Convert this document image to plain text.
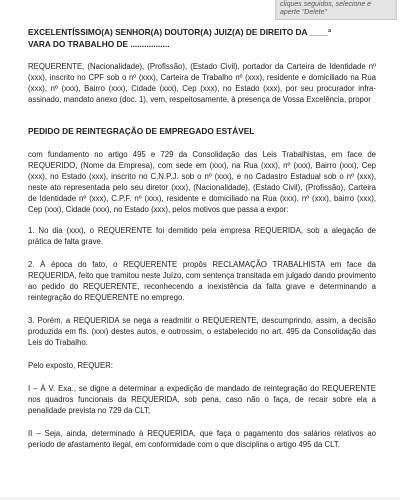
cliques seguidos, selecione e aperte "Delete"
EXCELENTÍSSIMO(A) SENHOR(A) DOUTOR(A) JUIZ(A) DE DIREITO DA ____ª
VARA DO TRABALHO DE .................

REQUERENTE, (Nacionalidade), (Profissão), (Estado Civil), portador da Carteira de Identidade nº (xxx), inscrito no CPF sob o nº (xxx), Carteira de Trabalho nº (xxx), residente e domiciliado na Rua (xxx), nº (xxx), Bairro (xxx), Cidade (xxx), Cep (xxx), no Estado (xxx), por seu procurador infra-assinado, mandato anexo (doc. 1), vem, respeitosamente, à presença de Vossa Excelência, propor

PEDIDO DE REINTEGRAÇÃO DE EMPREGADO ESTÁVEL

com fundamento no artigo 495 e 729 da Consolidação das Leis Trabalhistas, em face de REQUERIDO, (Nome da Empresa), com sede em (xxx), na Rua (xxx), nº (xxx), Bairro (xxx), Cep (xxx), no Estado (xxx), inscrito no C.N.P.J. sob o nº (xxx), e no Cadastro Estadual sob o nº (xxx), neste ato representada pelo seu diretor (xxx), (Nacionalidade), (Estado Civil), (Profissão), Carteira de Identidade nº (xxx), C.P.F. nº (xxx), residente e domiciliado na Rua (xxx), nº (xxx), bairro (xxx), Cep (xxx), Cidade (xxx), no Estado (xxx), pelos motivos que passa a expor:

1. No dia (xxx), o REQUERENTE foi demitido pela empresa REQUERIDA, sob a alegação de prática de falta grave.

2. À época do fato, o REQUERENTE propôs RECLAMAÇÃO TRABALHISTA em face da REQUERIDA, feito que tramitou neste Juízo, com sentença transitada em julgado dando provimento ao pedido do REQUERENTE, reconhecendo a inexistência da falta grave e determinando a reintegração do REQUERENTE no emprego.

3. Porém, a REQUERIDA se nega a readmitir o REQUERENTE, descumprindo, assim, a decisão produzida em fls. (xxx) destes autos, e outrossim, o estabelecido no art. 495 da Consolidação das Leis do Trabalho.

Pelo exposto, REQUER:

I – À V. Exa., se digne a determinar a expedição de mandado de reintegração do REQUERENTE nos quadros funcionais da REQUERIDA, sob pena, caso não o faça, de recair sobre ela a penalidade prevista no 729 da CLT;

II – Seja, ainda, determinado à REQUERIDA, que faça o pagamento dos salários relativos ao período de afastamento ilegal, em conformidade com o que disciplina o artigo 495 da CLT.
